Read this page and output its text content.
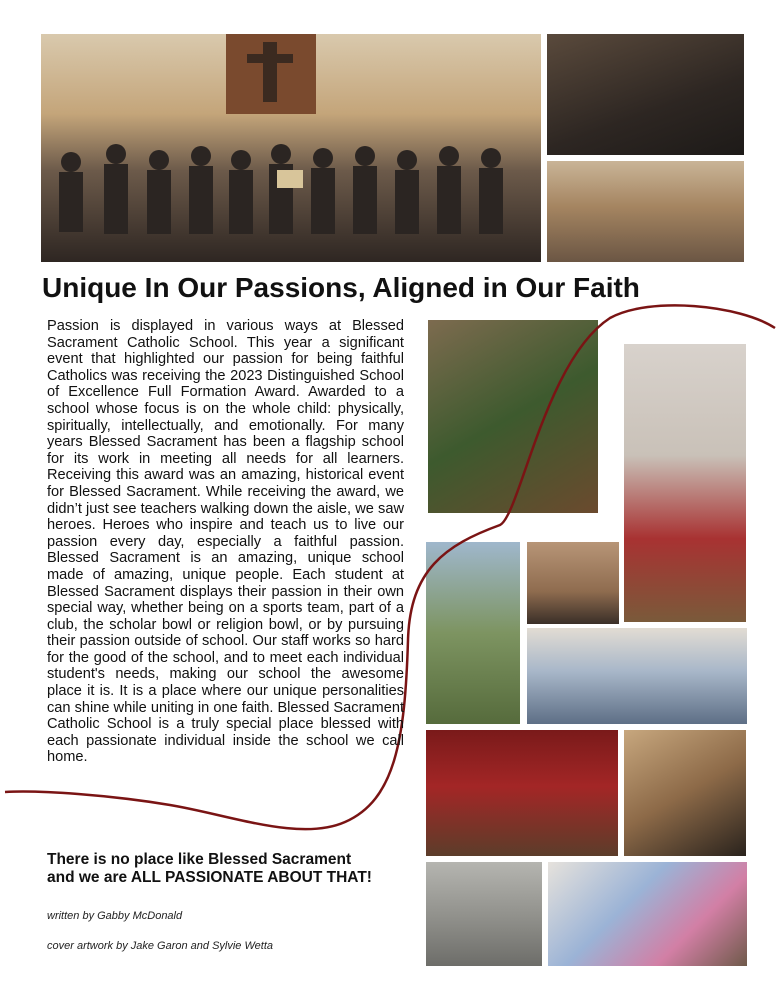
Unique In Our Passions, Aligned in Our Faith
Passion is displayed in various ways at Blessed Sacrament Catholic School. This year a significant event that highlighted our passion for being faithful Catholics was receiving the 2023 Distinguished School of Excellence Full Formation Award. Awarded to a school whose focus is on the whole child: physically, spiritually, intellectually, and emotionally. For many years Blessed Sacrament has been a flagship school for its work in meeting all needs for all learners. Receiving this award was an amazing, historical event for Blessed Sacrament. While receiving the award, we didn’t just see teachers walking down the aisle, we saw heroes. Heroes who inspire and teach us to live our passion every day, especially a faithful passion. Blessed Sacrament is an amazing, unique school made of amazing, unique people. Each student at Blessed Sacrament displays their passion in their own special way, whether being on a sports team, part of a club, the scholar bowl or religion bowl, or by pursuing their passion outside of school. Our staff works so hard for the good of the school, and to meet each individual student's needs, making our school the awesome place it is. It is a place where our unique personalities can shine while uniting in one faith. Blessed Sacrament Catholic School is a truly special place blessed with each passionate individual inside the school we call home.
There is no place like Blessed Sacrament
and we are ALL PASSIONATE ABOUT THAT!
written by Gabby McDonald
cover artwork by Jake Garon and Sylvie Wetta
